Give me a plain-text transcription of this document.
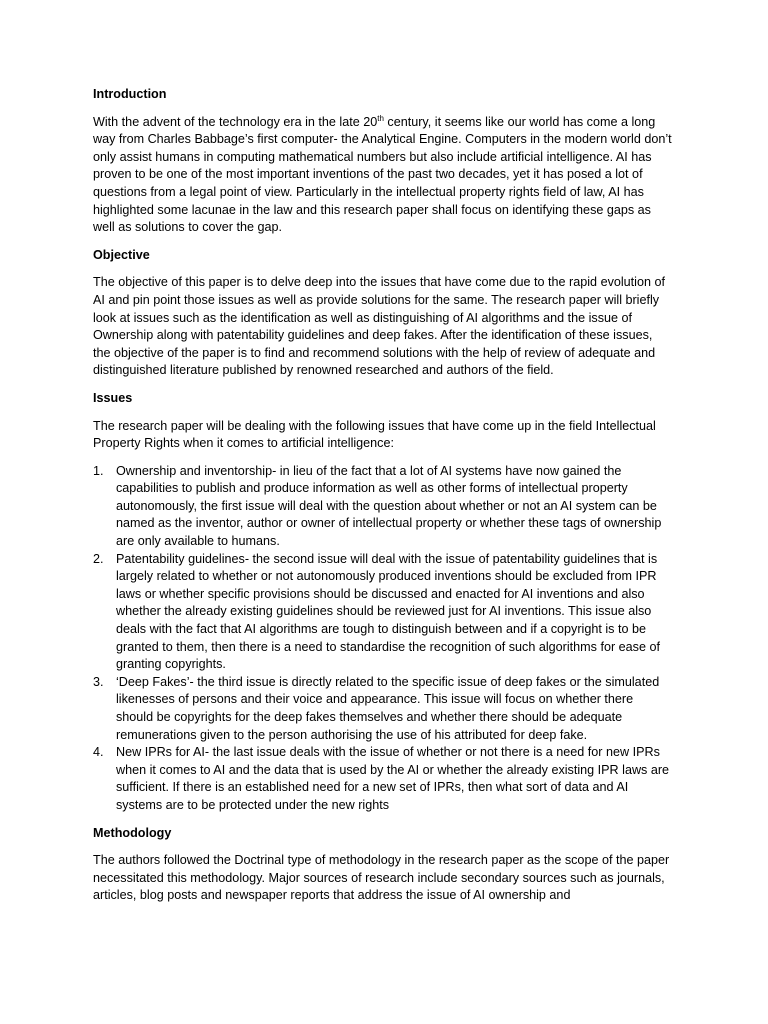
Introduction

With the advent of the technology era in the late 20th century, it seems like our world has come a long way from Charles Babbage’s first computer- the Analytical Engine. Computers in the modern world don’t only assist humans in computing mathematical numbers but also include artificial intelligence. AI has proven to be one of the most important inventions of the past two decades, yet it has posed a lot of questions from a legal point of view. Particularly in the intellectual property rights field of law, AI has highlighted some lacunae in the law and this research paper shall focus on identifying these gaps as well as solutions to cover the gap.

Objective

The objective of this paper is to delve deep into the issues that have come due to the rapid evolution of AI and pin point those issues as well as provide solutions for the same. The research paper will briefly look at issues such as the identification as well as distinguishing of AI algorithms and the issue of Ownership along with patentability guidelines and deep fakes. After the identification of these issues, the objective of the paper is to find and recommend solutions with the help of review of adequate and distinguished literature published by renowned researched and authors of the field.

Issues

The research paper will be dealing with the following issues that have come up in the field Intellectual Property Rights when it comes to artificial intelligence:

1. Ownership and inventorship- in lieu of the fact that a lot of AI systems have now gained the capabilities to publish and produce information as well as other forms of intellectual property autonomously, the first issue will deal with the question about whether or not an AI system can be named as the inventor, author or owner of intellectual property or whether these tags of ownership are only available to humans.
2. Patentability guidelines- the second issue will deal with the issue of patentability guidelines that is largely related to whether or not autonomously produced inventions should be excluded from IPR laws or whether specific provisions should be discussed and enacted for AI inventions and also whether the already existing guidelines should be reviewed just for AI inventions. This issue also deals with the fact that AI algorithms are tough to distinguish between and if a copyright is to be granted to them, then there is a need to standardise the recognition of such algorithms for ease of granting copyrights.
3. ‘Deep Fakes’- the third issue is directly related to the specific issue of deep fakes or the simulated likenesses of persons and their voice and appearance. This issue will focus on whether there should be copyrights for the deep fakes themselves and whether there should be adequate remunerations given to the person authorising the use of his attributed for deep fake.
4. New IPRs for AI- the last issue deals with the issue of whether or not there is a need for new IPRs when it comes to AI and the data that is used by the AI or whether the already existing IPR laws are sufficient. If there is an established need for a new set of IPRs, then what sort of data and AI systems are to be protected under the new rights
Methodology

The authors followed the Doctrinal type of methodology in the research paper as the scope of the paper necessitated this methodology. Major sources of research include secondary sources such as journals, articles, blog posts and newspaper reports that address the issue of AI ownership and
